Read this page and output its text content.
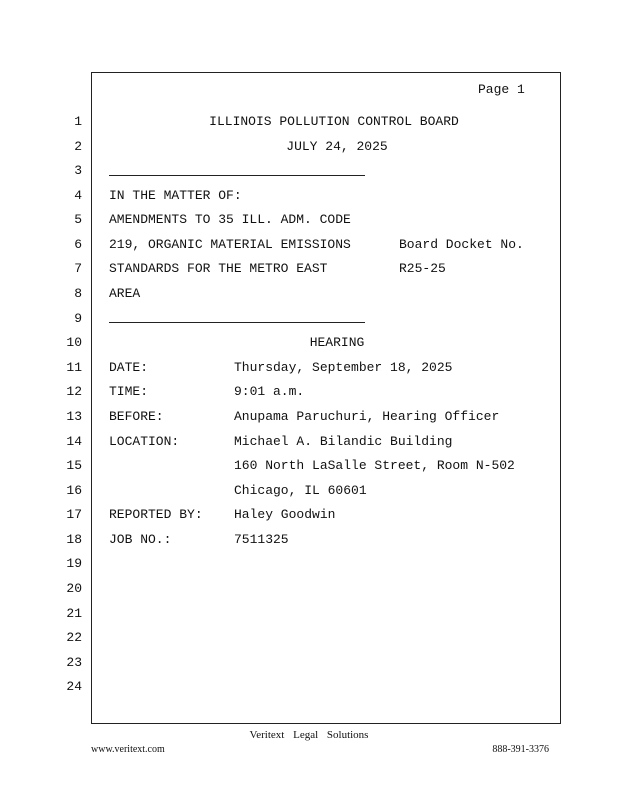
Page 1
1
2
3
4
5
6
7
8
9
10
11
12
13
14
15
16
17
18
19
20
21
22
23
24
ILLINOIS POLLUTION CONTROL BOARD
JULY 24, 2025
IN THE MATTER OF:
AMENDMENTS TO 35 ILL. ADM. CODE
219, ORGANIC MATERIAL EMISSIONS
STANDARDS FOR THE METRO EAST
AREA
Board Docket No.
R25-25
HEARING
DATE:	Thursday, September 18, 2025
TIME:	9:01 a.m.
BEFORE:	Anupama Paruchuri, Hearing Officer
LOCATION:	Michael A. Bilandic Building
160 North LaSalle Street, Room N-502
Chicago, IL 60601
REPORTED BY: Haley Goodwin
JOB NO.:	7511325
Veritext Legal Solutions
www.veritext.com	888-391-3376
